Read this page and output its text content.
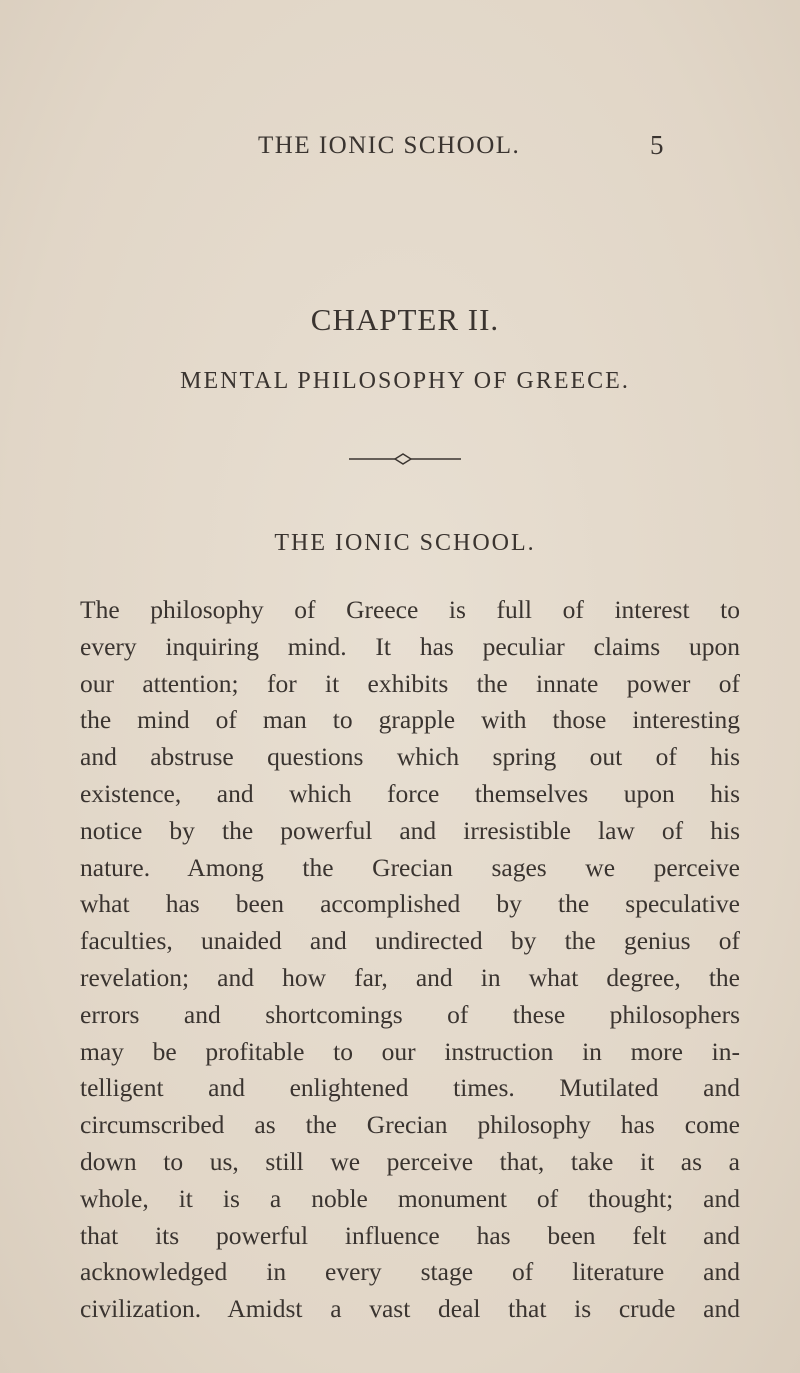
THE IONIC SCHOOL.	5
CHAPTER II.
MENTAL PHILOSOPHY OF GREECE.
THE IONIC SCHOOL.
The philosophy of Greece is full of interest to
every inquiring mind. It has peculiar claims upon
our attention; for it exhibits the innate power of
the mind of man to grapple with those interesting
and abstruse questions which spring out of his
existence, and which force themselves upon his
notice by the powerful and irresistible law of his
nature. Among the Grecian sages we perceive
what has been accomplished by the speculative
faculties, unaided and undirected by the genius of
revelation; and how far, and in what degree, the
errors and shortcomings of these philosophers
may be profitable to our instruction in more in-
telligent and enlightened times. Mutilated and
circumscribed as the Grecian philosophy has come
down to us, still we perceive that, take it as a
whole, it is a noble monument of thought; and
that its powerful influence has been felt and
acknowledged in every stage of literature and
civilization. Amidst a vast deal that is crude and
